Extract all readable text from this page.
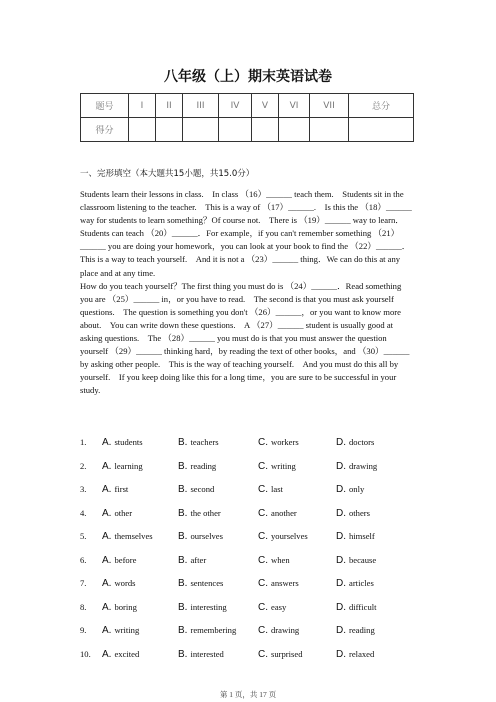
八年级（上）期末英语试卷
题号	I	II	III	IV	V	VI	VII	总分
得分								
一、完形填空（本大题共15小题，共15.0分）

Students learn their lessons in class.　In class （16）______ teach them.　Students sit in the classroom listening to the teacher.　This is a way of （17）______.　Is this the （18）______ way for students to learn something？Of course not.　There is （19）______ way to learn．Students can teach （20）______．For example，if you can't remember something （21）______ you are doing your homework，you can look at your book to find the （22）______．This is a way to teach yourself.　And it is not a （23）______ thing．We can do this at any place and at any time.

How do you teach yourself？The first thing you must do is （24）______．Read something you are （25）______ in，or you have to read.　The second is that you must ask yourself questions.　The question is something you don't （26）______，or you want to know more about.　You can write down these questions.　A （27）______ student is usually good at asking questions.　The （28）______ you must do is that you must answer the question yourself （29）______ thinking hard，by reading the text of other books，and （30）______ by asking other people.　This is the way of teaching yourself.　And you must do this all by yourself.　If you keep doing like this for a long time，you are sure to be successful in your study.

1.	A. students	B. teachers	C. workers	D. doctors
2.	A. learning	B. reading	C. writing	D. drawing
3.	A. first	B. second	C. last	D. only
4.	A. other	B. the other	C. another	D. others
5.	A. themselves	B. ourselves	C. yourselves	D. himself
6.	A. before	B. after	C. when	D. because
7.	A. words	B. sentences	C. answers	D. articles
8.	A. boring	B. interesting	C. easy	D. difficult
9.	A. writing	B. remembering C. drawing	D. reading
10.	A. excited	B. interested	C. surprised	D. relaxed
第 1 页，共 17 页
